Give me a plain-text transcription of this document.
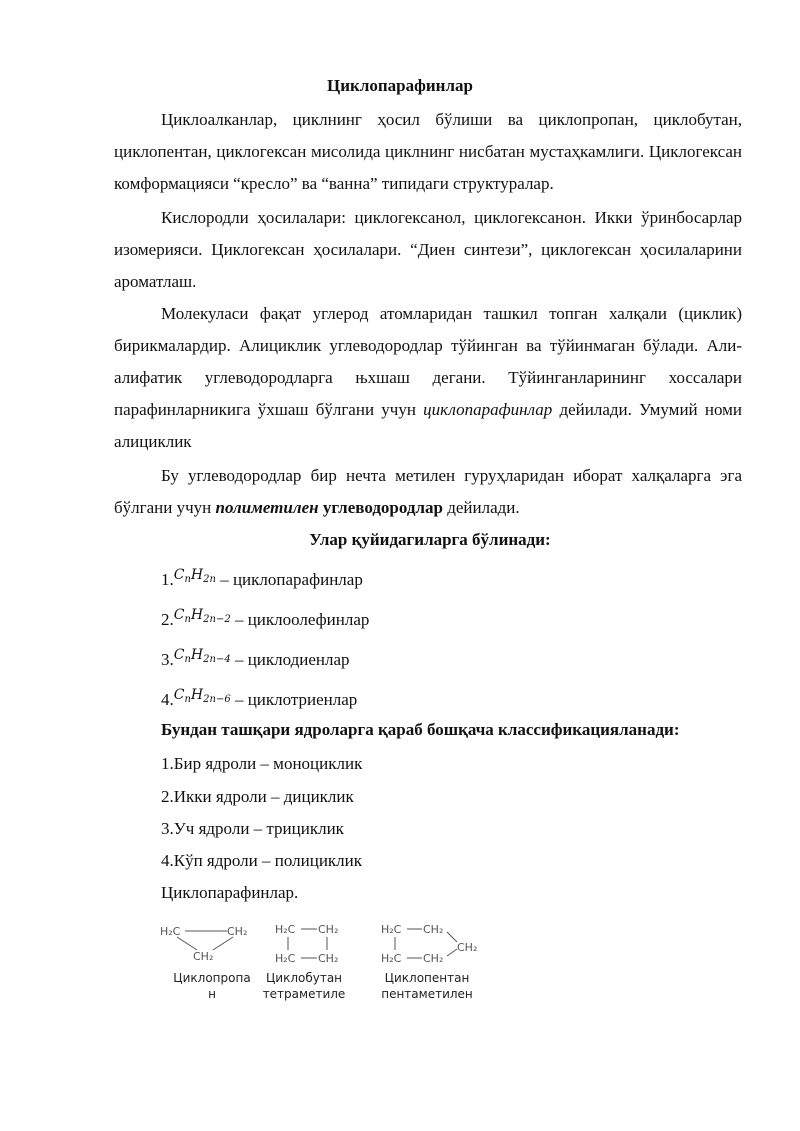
Циклопарафинлар

Циклоалканлар, циклнинг ҳосил бўлиши ва циклопропан, циклобутан, циклопентан, циклогексан мисолида циклнинг нисбатан мустаҳкамлиги. Циклогексан комформацияси “кресло” ва “ванна” типидаги структуралар.

Кислородли ҳосилалари: циклогексанол, циклогексанон. Икки ўринбосарлар изомерияси. Циклогексан ҳосилалари. “Диен синтези”, циклогексан ҳосилаларини ароматлаш.

Молекуласи фақат углерод атомларидан ташкил топган халқали (циклик) бирикмалардир. Алициклик углеводородлар тўйинган ва тўйинмаган бўлади. Али-алифатик углеводородларга њхшаш дегани. Тўйинганларининг хоссалари парафинларникига ўхшаш бўлгани учун циклопарафинлар дейилади. Умумий номи алициклик

Бу углеводородлар бир нечта метилен гуруҳларидан иборат халқаларга эга бўлгани учун полиметилен углеводородлар дейилади.

Улар қуйидагиларга бўлинади:
1.$^{C_nH_{2n}}$ – циклопарафинлар
2.$^{C_nH_{2n-2}}$ – циклоолефинлар
3.$^{C_nH_{2n-4}}$ – циклодиенлар
4.$^{C_nH_{2n-6}}$ – циклотриенлар
Бундан ташқари ядроларга қараб бошқача классификацияланади:
1.Бир ядроли – моноциклик
2.Икки ядроли – дициклик
3.Уч ядроли – трициклик
4.Кўп ядроли – полициклик
Циклопарафинлар.
H₂C	CH₂
CH₂
H₂C CH₂
H₂C CH₂
H₂C CH₂
CH₂
H₂C CH₂
Циклопропа
н
Циклобутан
тетраметиле
Циклопентан
пентаметилен
